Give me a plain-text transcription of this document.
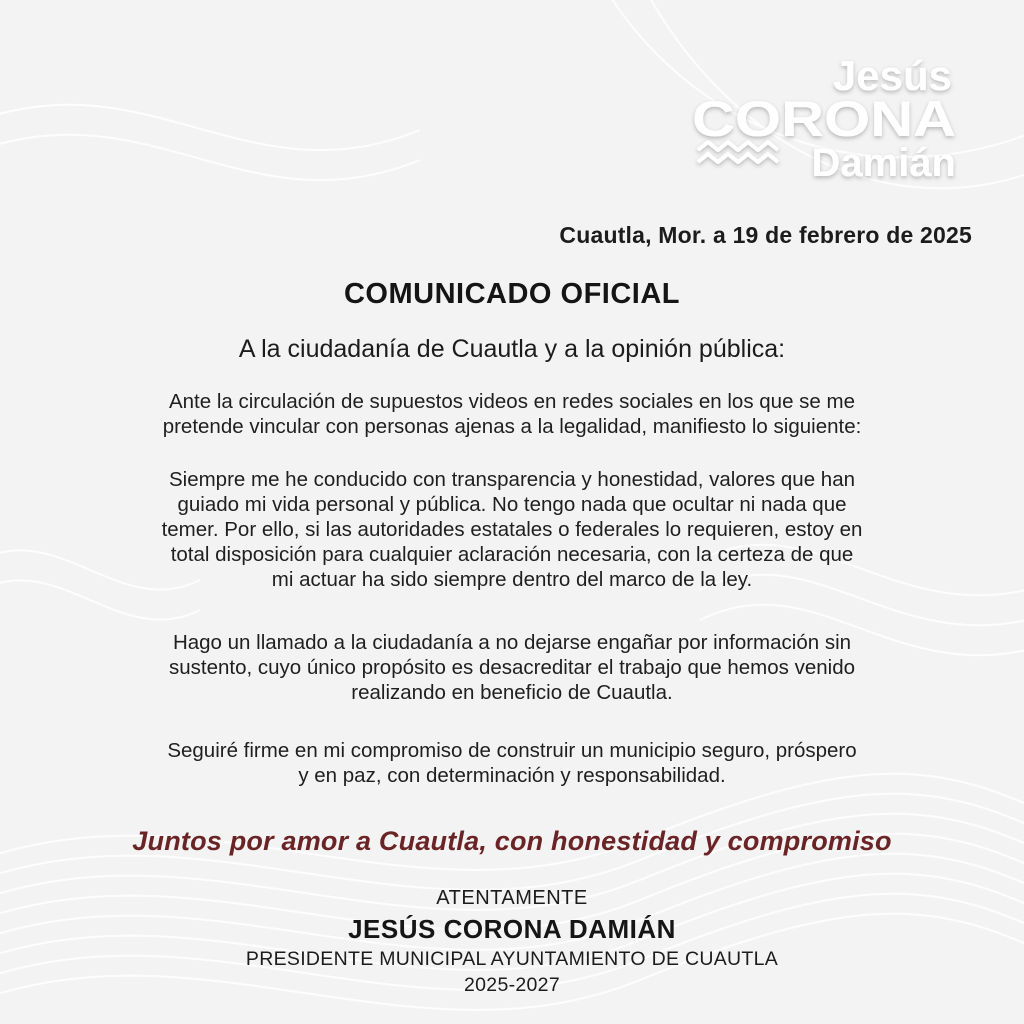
Jesús
CORONA
Damián
Cuautla, Mor. a 19 de febrero de 2025
COMUNICADO OFICIAL
A la ciudadanía de Cuautla y a la opinión pública:

Ante la circulación de supuestos videos en redes sociales en los que se me
pretende vincular con personas ajenas a la legalidad, manifiesto lo siguiente:

Siempre me he conducido con transparencia y honestidad, valores que han
guiado mi vida personal y pública. No tengo nada que ocultar ni nada que
temer. Por ello, si las autoridades estatales o federales lo requieren, estoy en
total disposición para cualquier aclaración necesaria, con la certeza de que
mi actuar ha sido siempre dentro del marco de la ley.

Hago un llamado a la ciudadanía a no dejarse engañar por información sin
sustento, cuyo único propósito es desacreditar el trabajo que hemos venido
realizando en beneficio de Cuautla.

Seguiré firme en mi compromiso de construir un municipio seguro, próspero
y en paz, con determinación y responsabilidad.

Juntos por amor a Cuautla, con honestidad y compromiso
ATENTAMENTE
JESÚS CORONA DAMIÁN
PRESIDENTE MUNICIPAL AYUNTAMIENTO DE CUAUTLA
2025-2027
